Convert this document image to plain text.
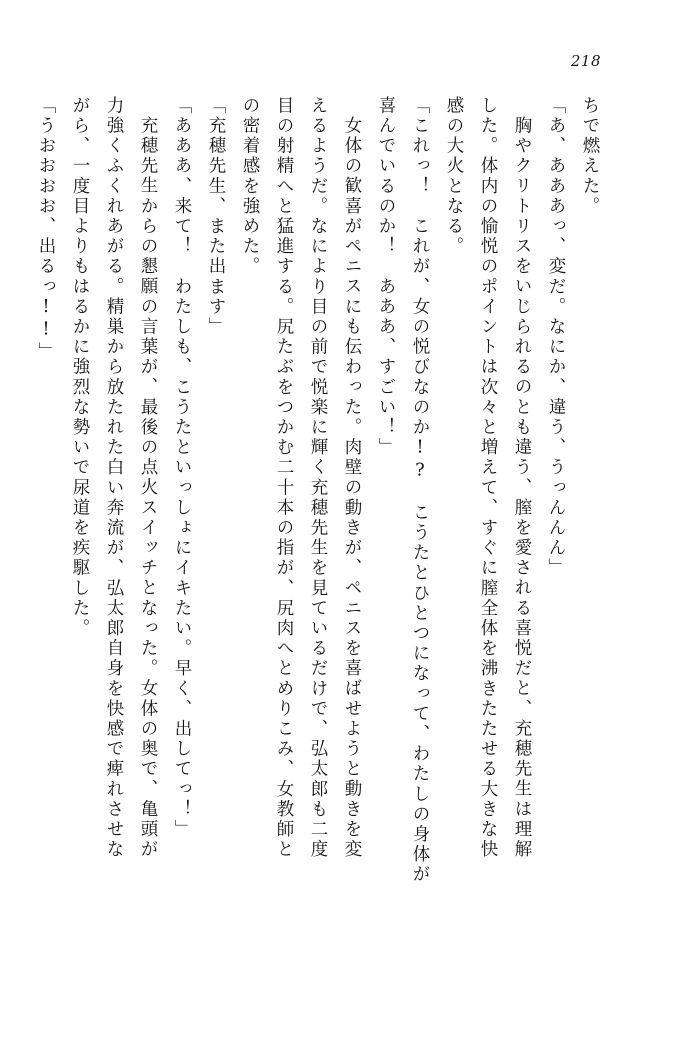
218
ちで燃えた。
「あ、あああっ、変だ。なにか、違う、うっんんん」
胸やクリトリスをいじられるのとも違う、膣を愛される喜悦だと、充穂先生は理解
した。体内の愉悦のポイントは次々と増えて、すぐに膣全体を沸きたたせる大きな快
感の大火となる。
「これっ！　これが、女の悦びなのか!?　こうたとひとつになって、わたしの身体が
喜んでいるのか！　あああ、すごい！」
女体の歓喜がペニスにも伝わった。肉壁の動きが、ペニスを喜ばせようと動きを変
えるようだ。なにより目の前で悦楽に輝く充穂先生を見ているだけで、弘太郎も二度
目の射精へと猛進する。尻たぶをつかむ二十本の指が、尻肉へとめりこみ、女教師と
の密着感を強めた。
「充穂先生、また出ます」
「あああ、来て！　わたしも、こうたといっしょにイキたい。早く、出してっ！」
充穂先生からの懇願の言葉が、最後の点火スイッチとなった。女体の奥で、亀頭が
力強くふくれあがる。精巣から放たれた白い奔流が、弘太郎自身を快感で痺れさせな
がら、一度目よりもはるかに強烈な勢いで尿道を疾駆した。
「うおおおお、出るっ!!」
